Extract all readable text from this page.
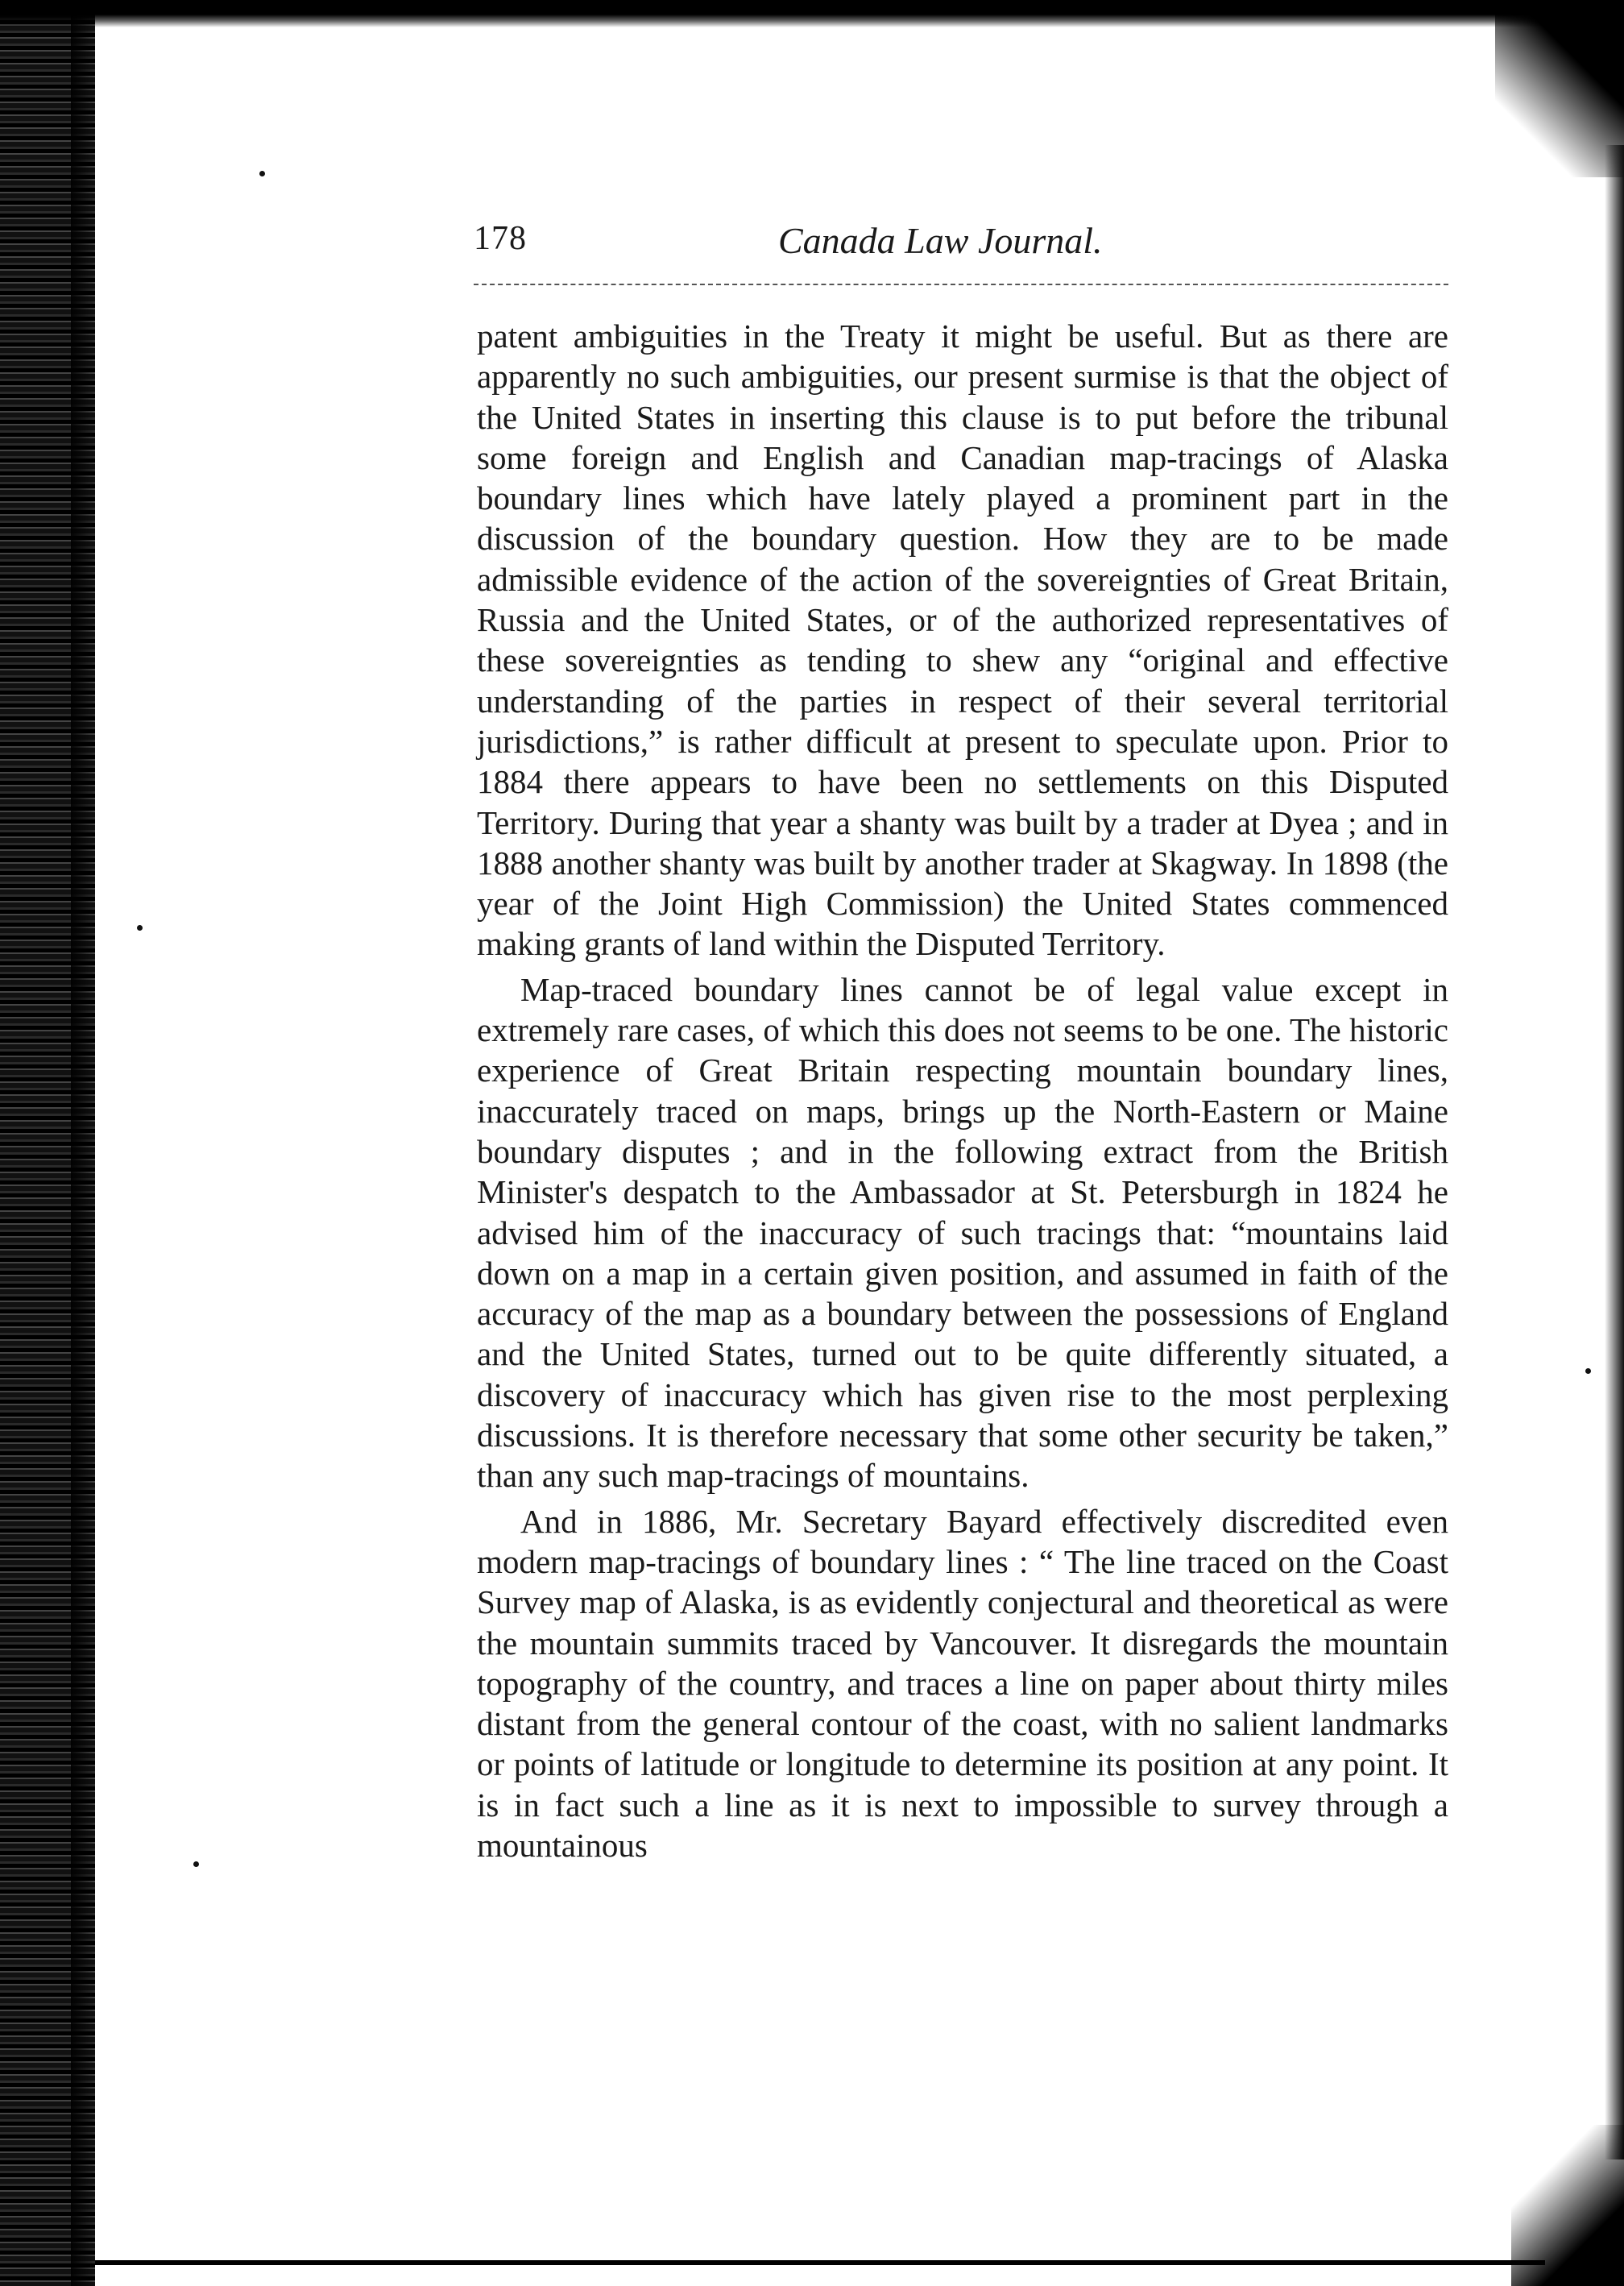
178	Canada Law Journal.

patent ambiguities in the Treaty it might be useful. But as there are apparently no such ambiguities, our present surmise is that the object of the United States in inserting this clause is to put before the tribunal some foreign and English and Canadian map-tracings of Alaska boundary lines which have lately played a prominent part in the discussion of the boundary question. How they are to be made admissible evidence of the action of the sovereignties of Great Britain, Russia and the United States, or of the authorized representatives of these sovereignties as tending to shew any “original and effective understanding of the parties in respect of their several territorial jurisdictions,” is rather difficult at present to speculate upon. Prior to 1884 there appears to have been no settlements on this Disputed Territory. During that year a shanty was built by a trader at Dyea ; and in 1888 another shanty was built by another trader at Skagway. In 1898 (the year of the Joint High Commission) the United States commenced making grants of land within the Disputed Territory.

Map-traced boundary lines cannot be of legal value except in extremely rare cases, of which this does not seems to be one. The historic experience of Great Britain respecting mountain boundary lines, inaccurately traced on maps, brings up the North-Eastern or Maine boundary disputes ; and in the following extract from the British Minister's despatch to the Ambassador at St. Petersburgh in 1824 he advised him of the inaccuracy of such tracings that: “mountains laid down on a map in a certain given position, and assumed in faith of the accuracy of the map as a boundary between the possessions of England and the United States, turned out to be quite differently situated, a discovery of inaccuracy which has given rise to the most perplexing discussions. It is therefore necessary that some other security be taken,” than any such map-tracings of mountains.

And in 1886, Mr. Secretary Bayard effectively discredited even modern map-tracings of boundary lines : “ The line traced on the Coast Survey map of Alaska, is as evidently conjectural and theoretical as were the mountain summits traced by Vancouver. It disregards the mountain topography of the country, and traces a line on paper about thirty miles distant from the general contour of the coast, with no salient landmarks or points of latitude or longitude to determine its position at any point. It is in fact such a line as it is next to impossible to survey through a mountainous
